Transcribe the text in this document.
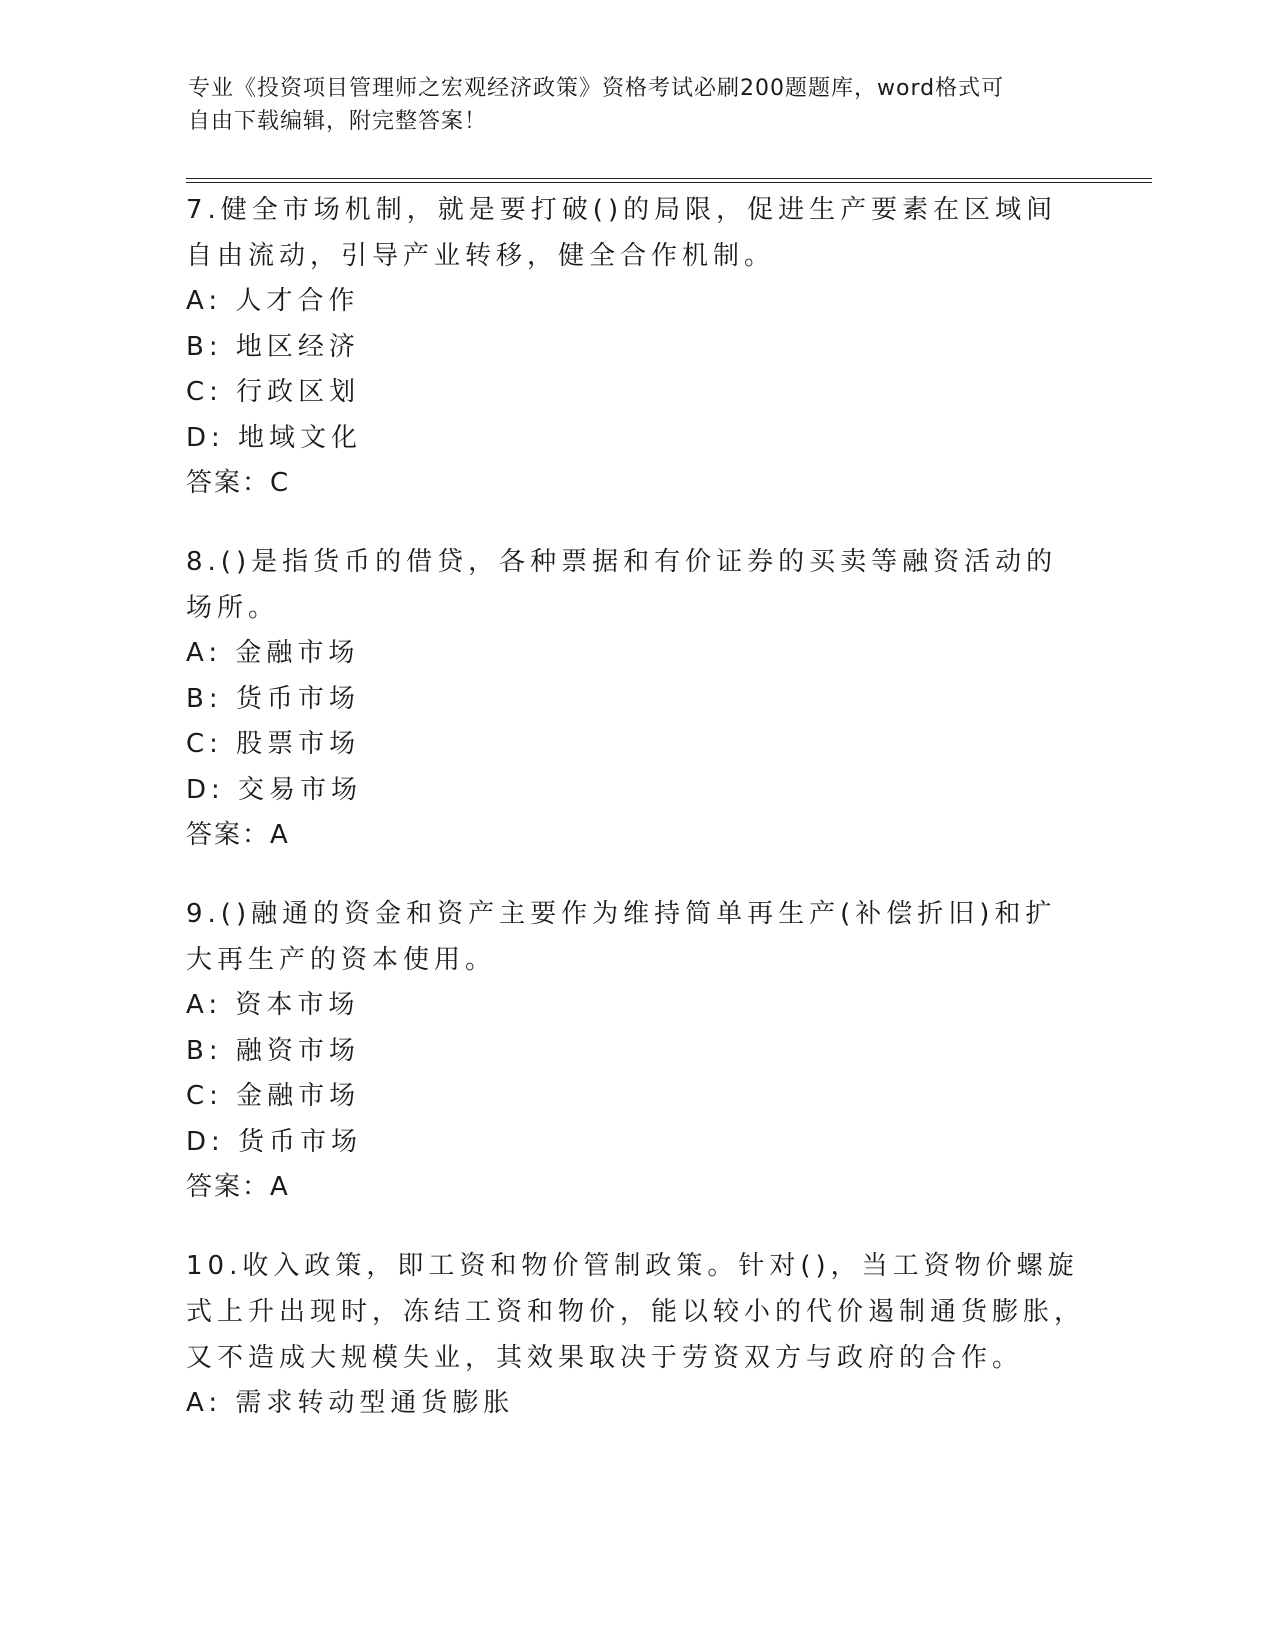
专业《投资项目管理师之宏观经济政策》资格考试必刷200题题库，word格式可
自由下载编辑，附完整答案！

7.健全市场机制，就是要打破()的局限，促进生产要素在区域间自由流动，引导产业转移，健全合作机制。

A: 人才合作

B: 地区经济

C: 行政区划

D: 地域文化

答案：C

8.()是指货币的借贷，各种票据和有价证券的买卖等融资活动的场所。

A: 金融市场

B: 货币市场

C: 股票市场

D: 交易市场

答案：A

9.()融通的资金和资产主要作为维持简单再生产(补偿折旧)和扩大再生产的资本使用。

A: 资本市场

B: 融资市场

C: 金融市场

D: 货币市场

答案：A

10.收入政策，即工资和物价管制政策。针对()，当工资物价螺旋式上升出现时，冻结工资和物价，能以较小的代价遏制通货膨胀，又不造成大规模失业，其效果取决于劳资双方与政府的合作。

A: 需求转动型通货膨胀
